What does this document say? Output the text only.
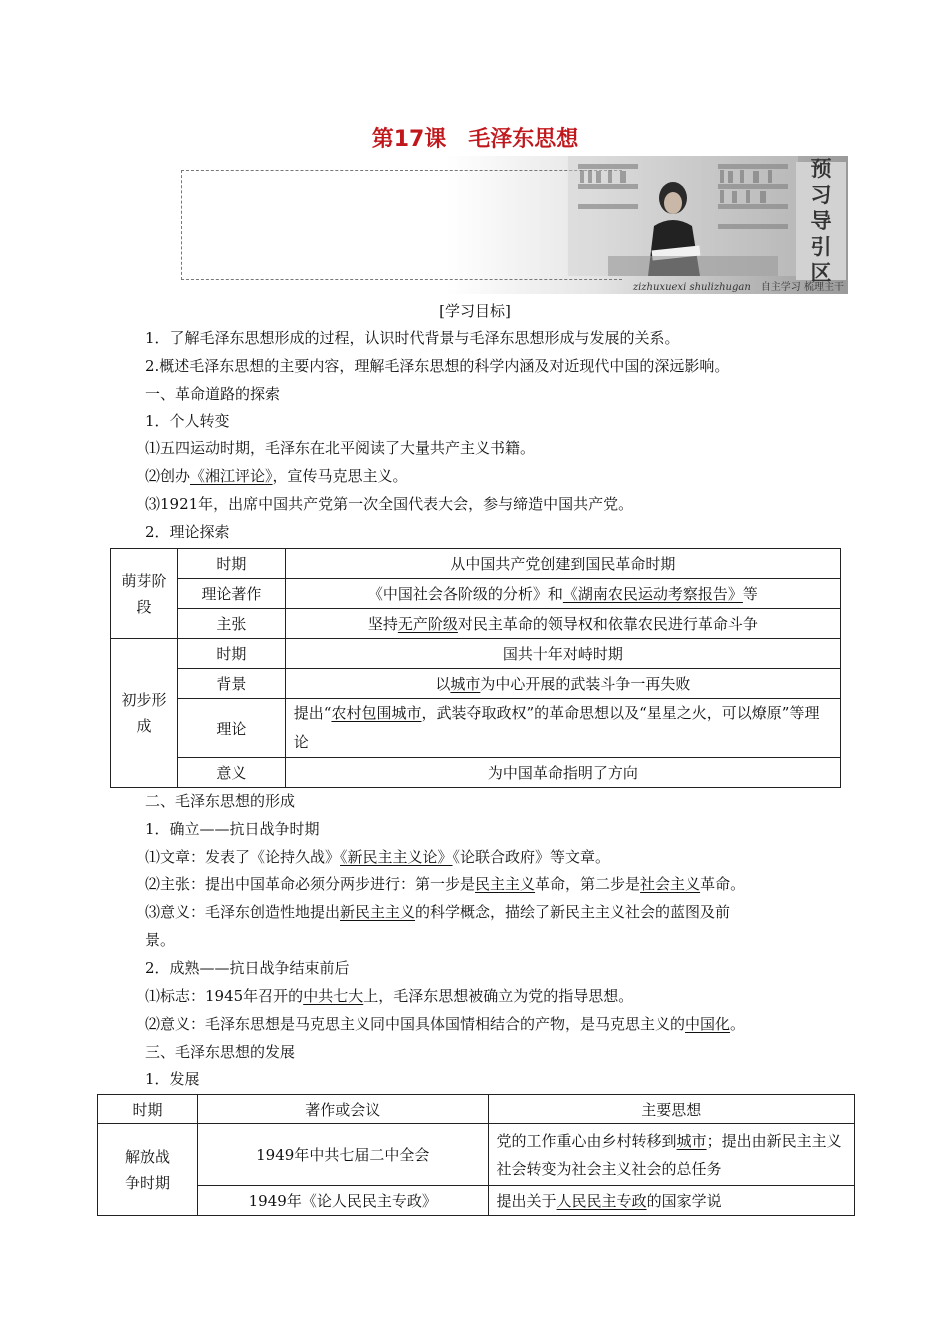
第17课　毛泽东思想
预
习
导
引
区
zizhuxuexi shulizhugan 自主学习 梳理主干
[学习目标]
1．了解毛泽东思想形成的过程，认识时代背景与毛泽东思想形成与发展的关系。
2.概述毛泽东思想的主要内容，理解毛泽东思想的科学内涵及对近现代中国的深远影响。
一、革命道路的探索
1．个人转变
⑴五四运动时期，毛泽东在北平阅读了大量共产主义书籍。
⑵创办《湘江评论》，宣传马克思主义。
⑶1921年，出席中国共产党第一次全国代表大会，参与缔造中国共产党。
2．理论探索
萌芽阶段	时期	从中国共产党创建到国民革命时期
	理论著作	《中国社会各阶级的分析》和《湖南农民运动考察报告》等
	主张	坚持无产阶级对民主革命的领导权和依靠农民进行革命斗争
初步形成	时期	国共十年对峙时期
	背景	以城市为中心开展的武装斗争一再失败
	理论	提出“农村包围城市，武装夺取政权”的革命思想以及“星星之火，可以燎原”等理论
	意义	为中国革命指明了方向
二、毛泽东思想的形成
1．确立——抗日战争时期
⑴文章：发表了《论持久战》《新民主主义论》《论联合政府》等文章。
⑵主张：提出中国革命必须分两步进行：第一步是民主主义革命，第二步是社会主义革命。
⑶意义：毛泽东创造性地提出新民主主义的科学概念，描绘了新民主主义社会的蓝图及前
景。
2．成熟——抗日战争结束前后
⑴标志：1945年召开的中共七大上，毛泽东思想被确立为党的指导思想。
⑵意义：毛泽东思想是马克思主义同中国具体国情相结合的产物，是马克思主义的中国化。
三、毛泽东思想的发展
1．发展
时期	著作或会议	主要思想
解放战争时期	1949年中共七届二中全会	党的工作重心由乡村转移到城市；提出由新民主主义社会转变为社会主义社会的总任务
	1949年《论人民民主专政》	提出关于人民民主专政的国家学说
